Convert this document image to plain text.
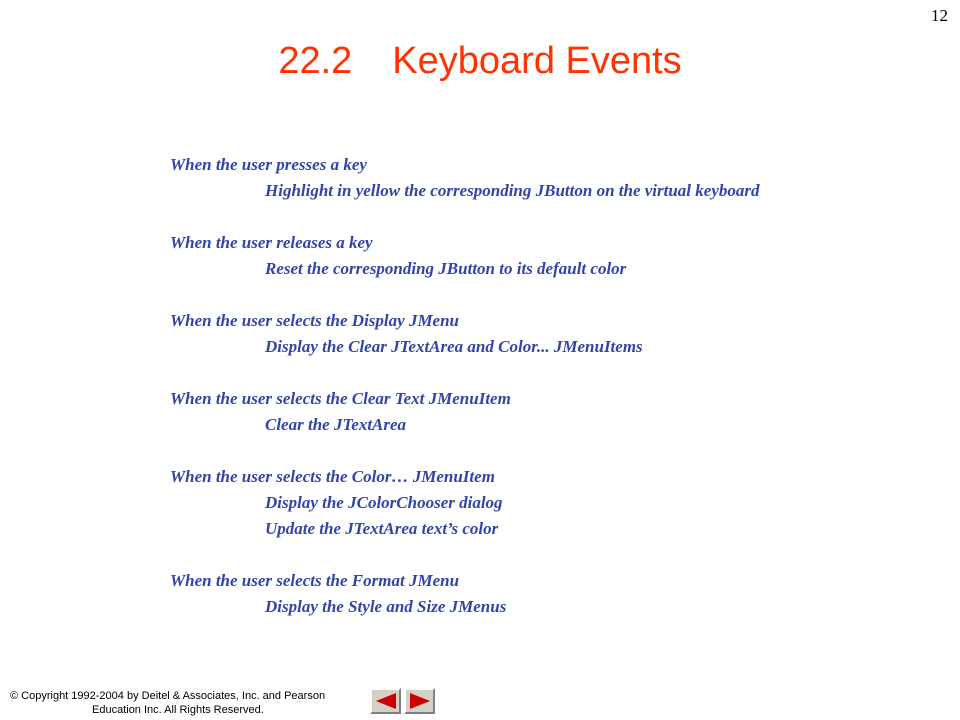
12
22.2 Keyboard Events
When the user presses a key
Highlight in yellow the corresponding JButton on the virtual keyboard
When the user releases a key
Reset the corresponding JButton to its default color
When the user selects the Display JMenu
Display the Clear JTextArea and Color... JMenuItems
When the user selects the Clear Text JMenuItem
Clear the JTextArea
When the user selects the Color… JMenuItem
Display the JColorChooser dialog
Update the JTextArea text’s color
When the user selects the Format JMenu
Display the Style and Size JMenus
© Copyright 1992-2004 by Deitel & Associates, Inc. and Pearson
Education Inc. All Rights Reserved.
